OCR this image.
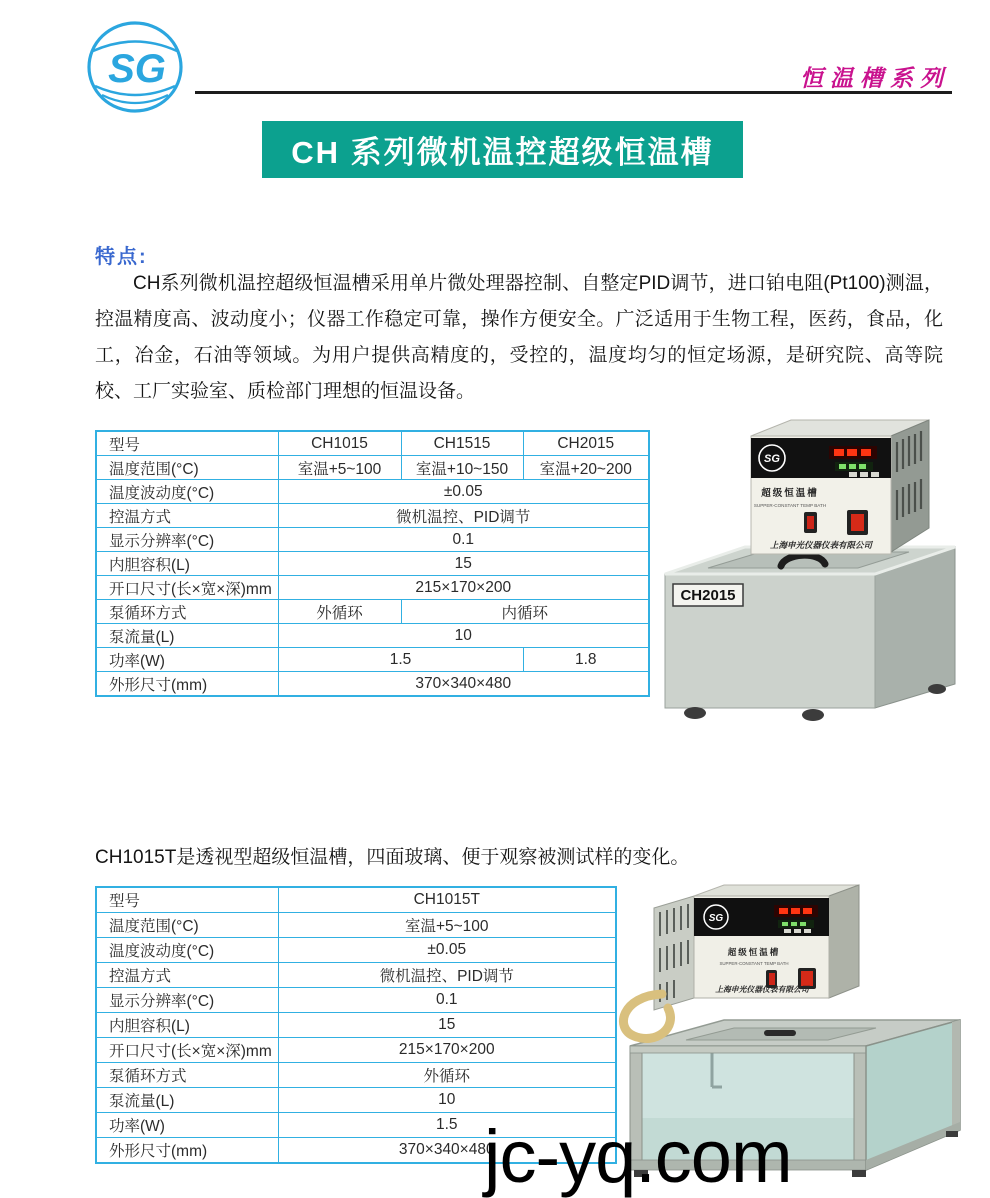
SG	恒温槽系列
CH 系列微机温控超级恒温槽
特点:
CH系列微机温控超级恒温槽采用单片微处理器控制、自整定PID调节，进口铂电阻(Pt100)测温，控温精度高、波动度小；仪器工作稳定可靠，操作方便安全。广泛适用于生物工程，医药，食品，化工，冶金，石油等领域。为用户提供高精度的，受控的，温度均匀的恒定场源，是研究院、高等院校、工厂实验室、质检部门理想的恒温设备。
型号	CH1015	CH1515	CH2015
温度范围(°C)	室温+5~100	室温+10~150	室温+20~200
温度波动度(°C)	±0.05		
控温方式	微机温控、PID调节		
显示分辨率(°C)	0.1		
内胆容积(L)	15		
开口尺寸(长×宽×深)mm	215×170×200		
泵循环方式	外循环	内循环	
泵流量(L)	10		
功率(W)	1.5		1.8
外形尺寸(mm)	370×340×480		
CH2015
SG
超级恒温槽
SUPPER-CONSTANT TEMP BATH
上海申光仪器仪表有限公司
CH1015T是透视型超级恒温槽，四面玻璃、便于观察被测试样的变化。
型号	CH1015T
温度范围(°C)	室温+5~100
温度波动度(°C)	±0.05
控温方式	微机温控、PID调节
显示分辨率(°C)	0.1
内胆容积(L)	15
开口尺寸(长×宽×深)mm	215×170×200
泵循环方式	外循环
泵流量(L)	10
功率(W)	1.5
外形尺寸(mm)	370×340×480
SG
超级恒温槽
SUPPER-CONSTANT TEMP BATH
上海申光仪器仪表有限公司
jc-yq.com
